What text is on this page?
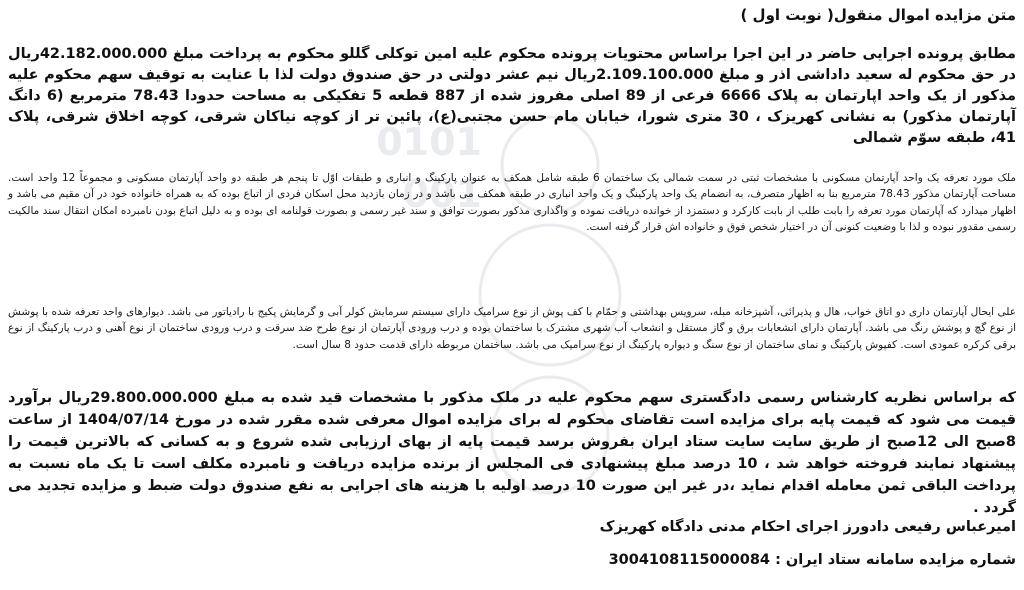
0101
001

متن مزایده اموال منقول( نوبت اول )

مطابق پرونده اجرایی حاضر در این اجرا براساس محتویات پرونده محکوم علیه امین توکلی گللو محکوم به پرداخت مبلغ 42.182.000.000ریال در حق محکوم له سعید داداشی اذر و مبلغ 2.109.100.000ریال نیم عشر دولتی در حق صندوق دولت لذا با عنایت به توقیف سهم محکوم علیه مذکور از یک واحد اپارتمان به پلاک 6666 فرعی از 89 اصلی مفروز شده از 887 قطعه 5 تفکیکی به مساحت حدودا 78.43 مترمربع (6 دانگ آپارتمان مذکور) به نشانی کهریزک ، 30 متری شورا، خیابان مام حسن مجتبی(ع)، پائین تر از کوچه نیاکان شرقی، کوچه اخلاق شرقی، پلاک 41، طبقه سوّم شمالی

ملک مورد تعرفه یک واحد آپارتمان مسکونی با مشخصات ثبتی در سمت شمالی یک ساختمان 6 طبقه شامل همکف به عنوان پارکینگ و انباری و طبقات اوّل تا پنجم هر طبقه دو واحد آپارتمان مسکونی و مجموعاً 12 واحد است. مساحت آپارتمان مذکور 78.43 مترمربع بنا به اظهار متصرف، به انضمام یک واحد پارکینگ و یک واحد انباری در طبقه همکف می باشد و در زمان بازدید محل اسکان فردی از اتباع بوده که به همراه خانواده خود در آن مقیم می باشد و اظهار میدارد که آپارتمان مورد تعرفه را بابت طلب از بابت کارکرد و دستمزد از خوانده دریافت نموده و واگذاری مذکور بصورت توافق و سند غیر رسمی و بصورت قولنامه ای بوده و به دلیل اتباع بودن نامبرده امکان انتقال سند مالکیت رسمی مقدور نبوده و لذا با وضعیت کنونی آن در اختیار شخص فوق و خانواده اش قرار گرفته است.

علی ایحال آپارتمان داری دو اتاق خواب، هال و پذیرائی، آشپزخانه مبله، سرویس بهداشتی و حمّام با کف پوش از نوع سرامیک دارای سیستم سرمایش کولر آبی و گرمایش پکیج با رادیاتور می باشد. دیوارهای واحد تعرفه شده با پوشش از نوع گچ و پوشش رنگ می باشد. آپارتمان دارای انشعابات برق و گاز مستقل و انشعاب آب شهری مشترک با ساختمان بوده و درب ورودی آپارتمان از نوع طرح ضد سرقت و درب ورودی ساختمان از نوع آهنی و درب پارکینگ از نوع برقی کرکره عمودی است. کفپوش پارکینگ و نمای ساختمان از نوع سنگ و دیواره پارکینگ از نوع سرامیک می باشد. ساختمان مربوطه دارای قدمت حدود 8 سال است.

که براساس نظریه کارشناس رسمی دادگستری سهم محکوم علیه در ملک مذکور با مشخصات قید شده به مبلغ 29.800.000.000ریال برآورد قیمت می شود که قیمت پایه برای مزایده است تقاضای محکوم له برای مزایده اموال معرفی شده مقرر شده در مورخ 1404/07/14 از ساعت 8صبح الی 12صبح از طریق سایت سایت ستاد ایران بفروش برسد قیمت پایه از بهای ارزیابی شده شروع و به کسانی که بالاترین قیمت را پیشنهاد نمایند فروخته خواهد شد ، 10 درصد مبلغ پیشنهادی فی المجلس از برنده مزایده دریافت و نامبرده مکلف است تا یک ماه نسبت به پرداخت الباقی ثمن معامله اقدام نماید ،در غیر این صورت 10 درصد اولیه با هزینه های اجرایی به نفع صندوق دولت ضبط و مزایده تجدید می گردد .

امیرعباس رفیعی دادورز اجرای احکام مدنی دادگاه کهریزک

شماره مزایده سامانه ستاد ایران : 3004108115000084
